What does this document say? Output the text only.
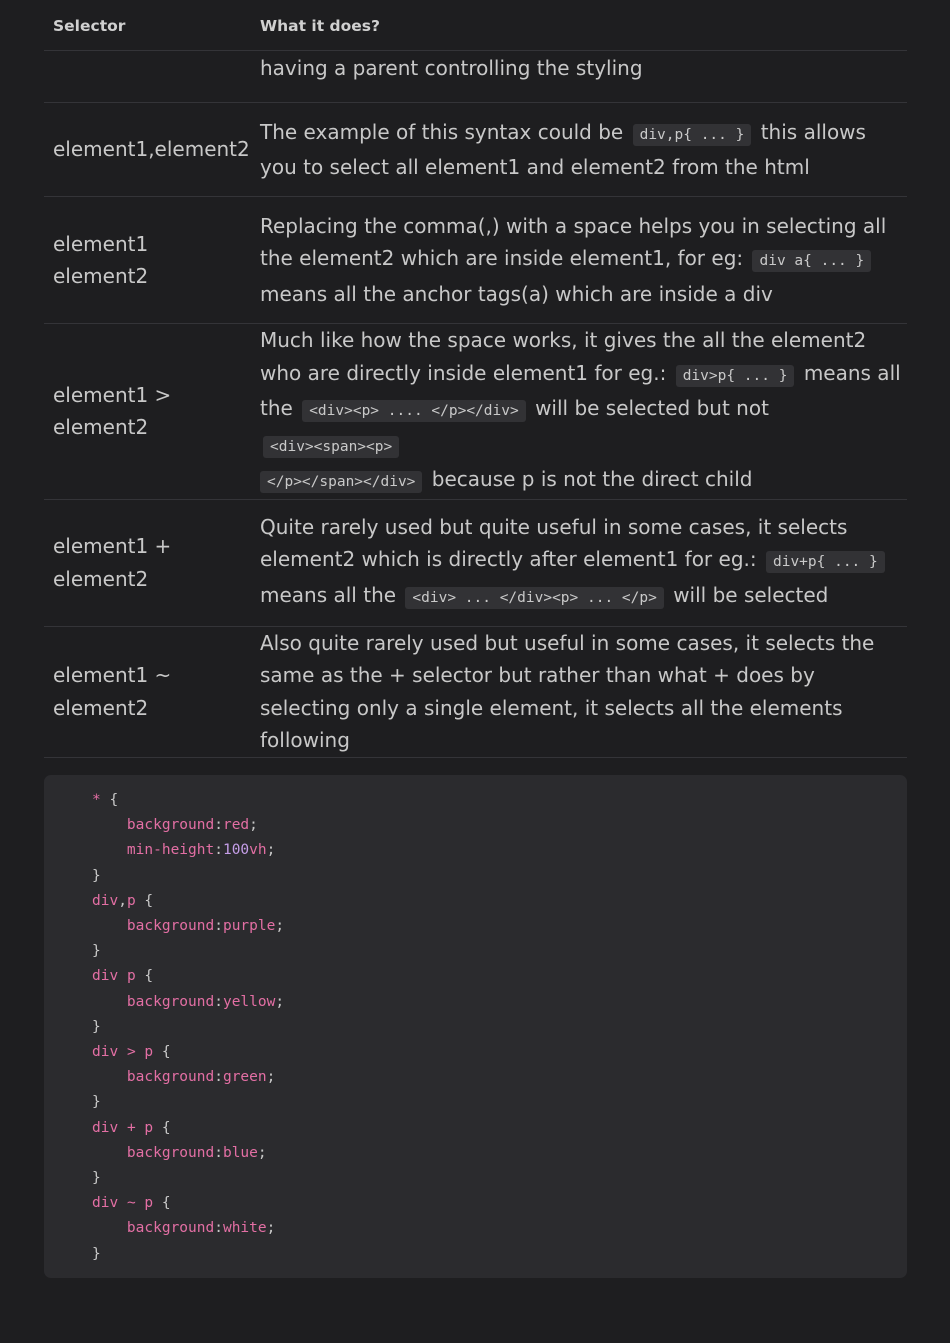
Selector	What it does?
	having a parent controlling the styling
element1,element2	The example of this syntax could be div,p{ ... } this allows you to select all element1 and element2 from the html
element1 element2	Replacing the comma(,) with a space helps you in selecting all the element2 which are inside element1, for eg: div a{ ... } means all the anchor tags(a) which are inside a div
element1 > element2	Much like how the space works, it gives the all the element2 who are directly inside element1 for eg.: div>p{ ... } means all the <div><p> .... </p></div> will be selected but not <div><span><p>
</p></span></div> because p is not the direct child
element1 + element2	Quite rarely used but quite useful in some cases, it selects element2 which is directly after element1 for eg.: div+p{ ... } means all the <div> ... </div><p> ... </p> will be selected
element1 ~ element2	Also quite rarely used but useful in some cases, it selects the same as the + selector but rather than what + does by selecting only a single element, it selects all the elements following
* {
background:red;
min-height:100vh;
}
div,p {
background:purple;
}
div p {
background:yellow;
}
div > p {
background:green;
}
div + p {
background:blue;
}
div ~ p {
background:white;
}
